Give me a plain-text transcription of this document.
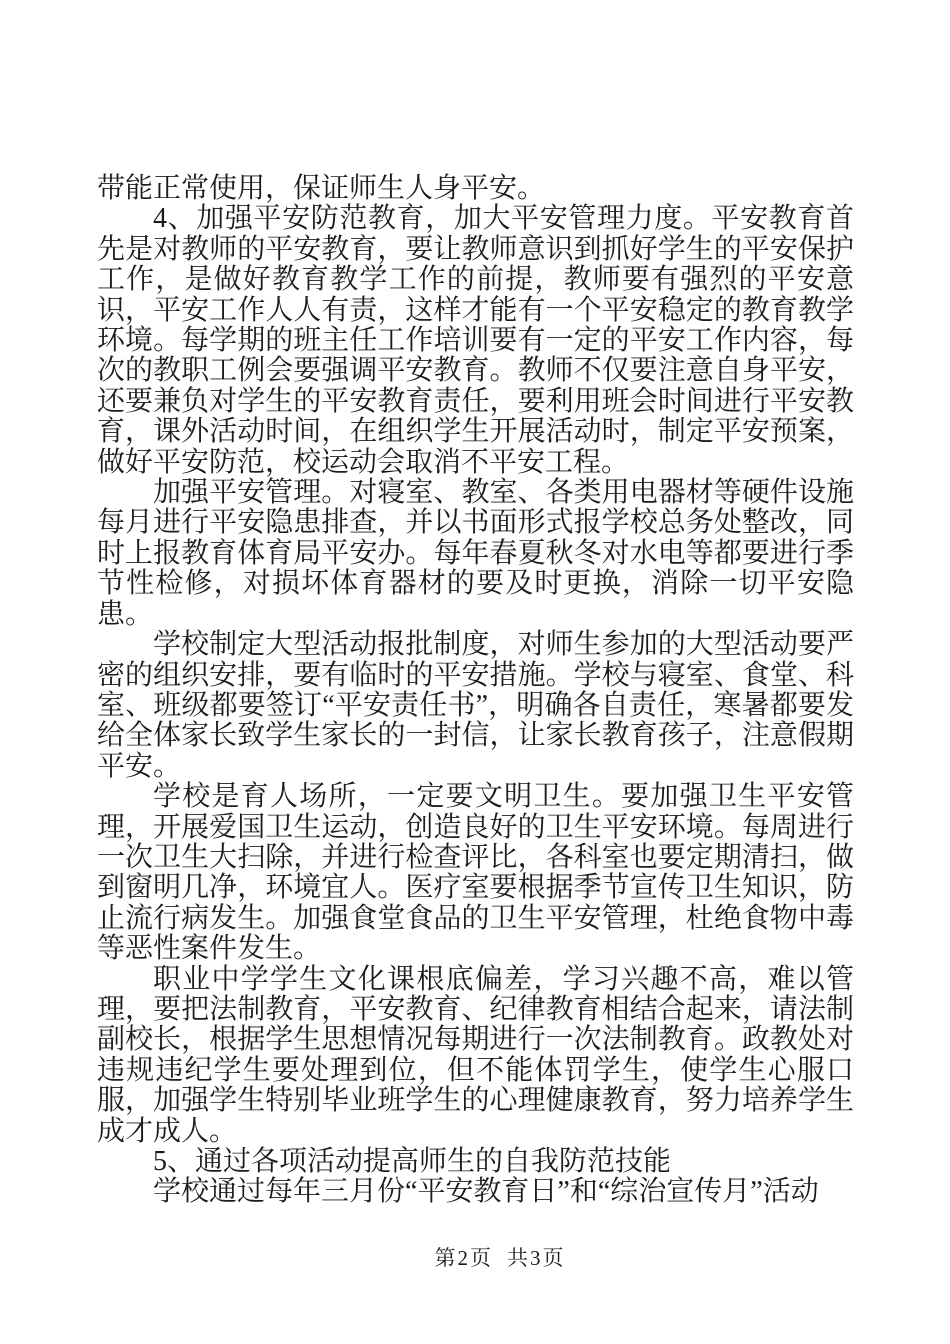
带能正常使用，保证师生人身平安。

4、加强平安防范教育，加大平安管理力度。平安教育首先是对教师的平安教育，要让教师意识到抓好学生的平安保护工作，是做好教育教学工作的前提，教师要有强烈的平安意识，平安工作人人有责，这样才能有一个平安稳定的教育教学环境。每学期的班主任工作培训要有一定的平安工作内容，每次的教职工例会要强调平安教育。教师不仅要注意自身平安，还要兼负对学生的平安教育责任，要利用班会时间进行平安教育，课外活动时间，在组织学生开展活动时，制定平安预案，做好平安防范，校运动会取消不平安工程。

加强平安管理。对寝室、教室、各类用电器材等硬件设施每月进行平安隐患排查，并以书面形式报学校总务处整改，同时上报教育体育局平安办。每年春夏秋冬对水电等都要进行季节性检修，对损坏体育器材的要及时更换，消除一切平安隐患。

学校制定大型活动报批制度，对师生参加的大型活动要严密的组织安排，要有临时的平安措施。学校与寝室、食堂、科室、班级都要签订“平安责任书”，明确各自责任，寒暑都要发给全体家长致学生家长的一封信，让家长教育孩子，注意假期平安。

学校是育人场所，一定要文明卫生。要加强卫生平安管理，开展爱国卫生运动，创造良好的卫生平安环境。每周进行一次卫生大扫除，并进行检查评比，各科室也要定期清扫，做到窗明几净，环境宜人。医疗室要根据季节宣传卫生知识，防止流行病发生。加强食堂食品的卫生平安管理，杜绝食物中毒等恶性案件发生。

职业中学学生文化课根底偏差，学习兴趣不高，难以管理，要把法制教育，平安教育、纪律教育相结合起来，请法制副校长，根据学生思想情况每期进行一次法制教育。政教处对违规违纪学生要处理到位，但不能体罚学生，使学生心服口服，加强学生特别毕业班学生的心理健康教育，努力培养学生成才成人。

5、通过各项活动提高师生的自我防范技能

学校通过每年三月份“平安教育日”和“综治宣传月”活动

第2页 共3页
